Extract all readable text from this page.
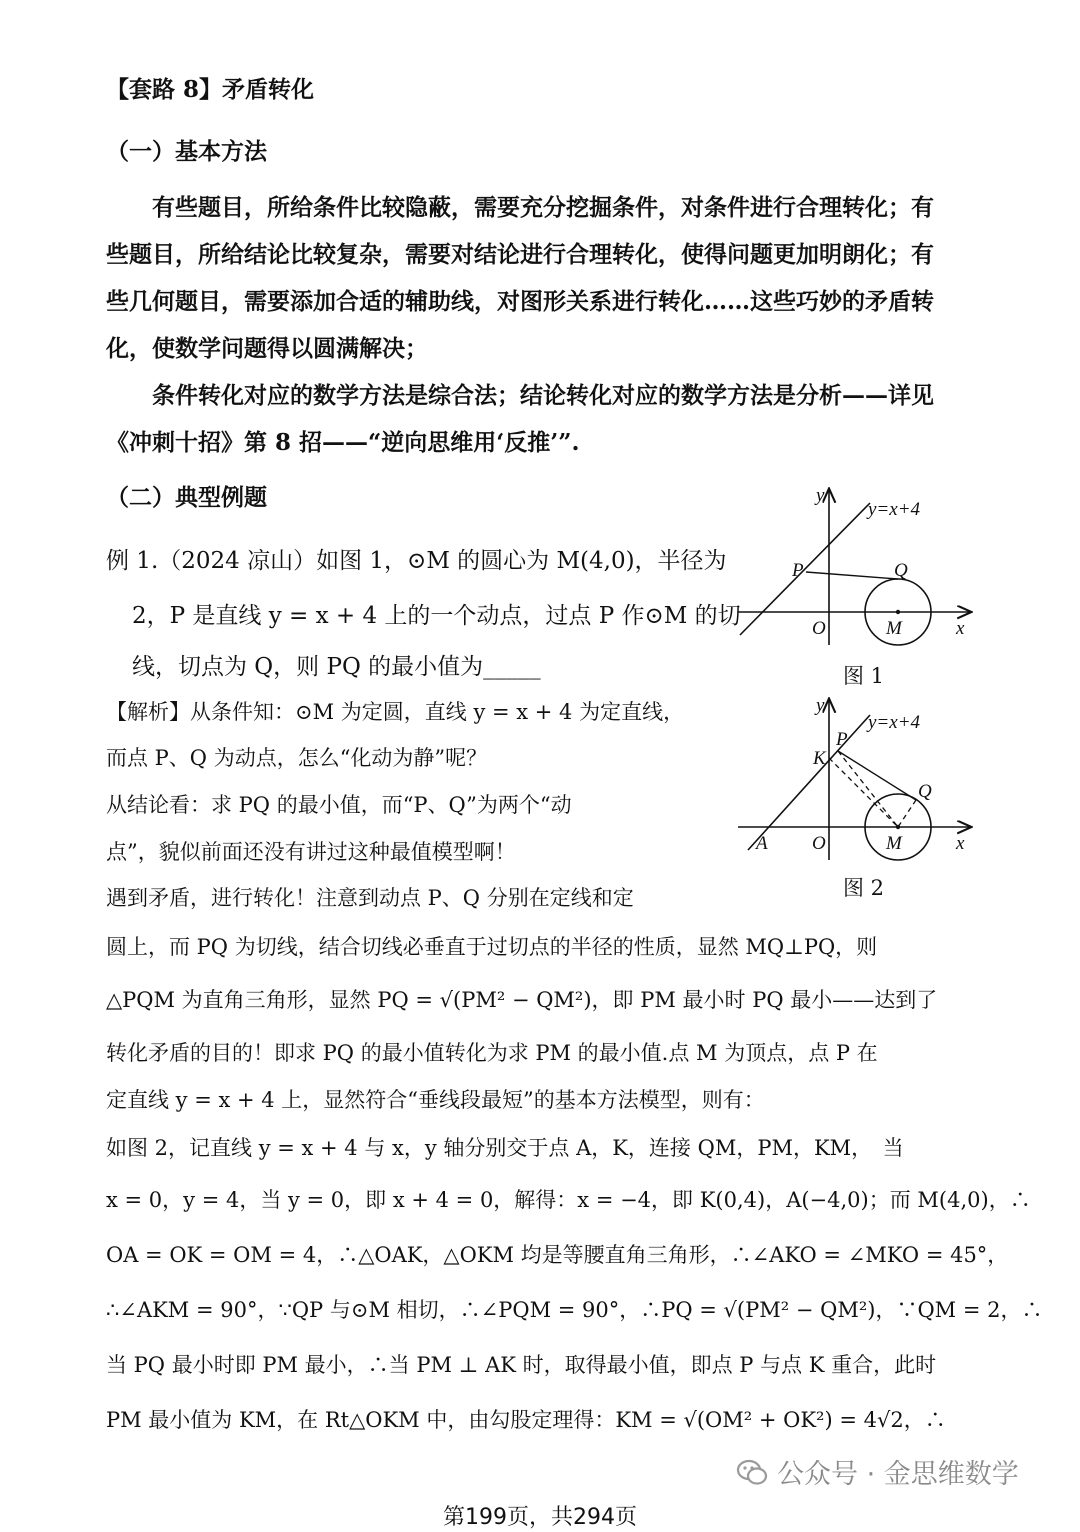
【套路 8】矛盾转化
（一）基本方法
有些题目，所给条件比较隐蔽，需要充分挖掘条件，对条件进行合理转化；有
些题目，所给结论比较复杂，需要对结论进行合理转化，使得问题更加明朗化；有
些几何题目，需要添加合适的辅助线，对图形关系进行转化……这些巧妙的矛盾转
化，使数学问题得以圆满解决；
条件转化对应的数学方法是综合法；结论转化对应的数学方法是分析——详见
《冲刺十招》第 8 招——“逆向思维用‘反推’”.
（二）典型例题
例 1.（2024 凉山）如图 1，⊙M 的圆心为 M(4,0)，半径为
2，P 是直线 y = x + 4 上的一个动点，过点 P 作⊙M 的切
线，切点为 Q，则 PQ 的最小值为_____
【解析】从条件知：⊙M 为定圆，直线 y = x + 4 为定直线，
而点 P、Q 为动点，怎么“化动为静”呢？
从结论看：求 PQ 的最小值，而“P、Q”为两个“动
点”，貌似前面还没有讲过这种最值模型啊！
遇到矛盾，进行转化！注意到动点 P、Q 分别在定线和定
圆上，而 PQ 为切线，结合切线必垂直于过切点的半径的性质，显然 MQ⊥PQ，则
△PQM 为直角三角形，显然 PQ = √(PM² − QM²)，即 PM 最小时 PQ 最小——达到了
转化矛盾的目的！即求 PQ 的最小值转化为求 PM 的最小值.点 M 为顶点，点 P 在
定直线 y = x + 4 上，显然符合“垂线段最短”的基本方法模型，则有：
如图 2，记直线 y = x + 4 与 x，y 轴分别交于点 A，K，连接 QM，PM，KM，　当
x = 0，y = 4，当 y = 0，即 x + 4 = 0，解得：x = −4，即 K(0,4)，A(−4,0)；而 M(4,0)，∴
OA = OK = OM = 4，∴△OAK，△OKM 均是等腰直角三角形，∴∠AKO = ∠MKO = 45°，
∴∠AKM = 90°，∵QP 与⊙M 相切，∴∠PQM = 90°，∴PQ = √(PM² − QM²)，∵QM = 2，∴
当 PQ 最小时即 PM 最小，∴当 PM ⊥ AK 时，取得最小值，即点 P 与点 K 重合，此时
PM 最小值为 KM，在 Rt△OKM 中，由勾股定理得：KM = √(OM² + OK²) = 4√2，∴
y
x
O
P	Q
M
y=x+4
图 1
y
x
O
P
Q
M
K
A
y=x+4
图 2
公众号 · 金思维数学
第199页，共294页
